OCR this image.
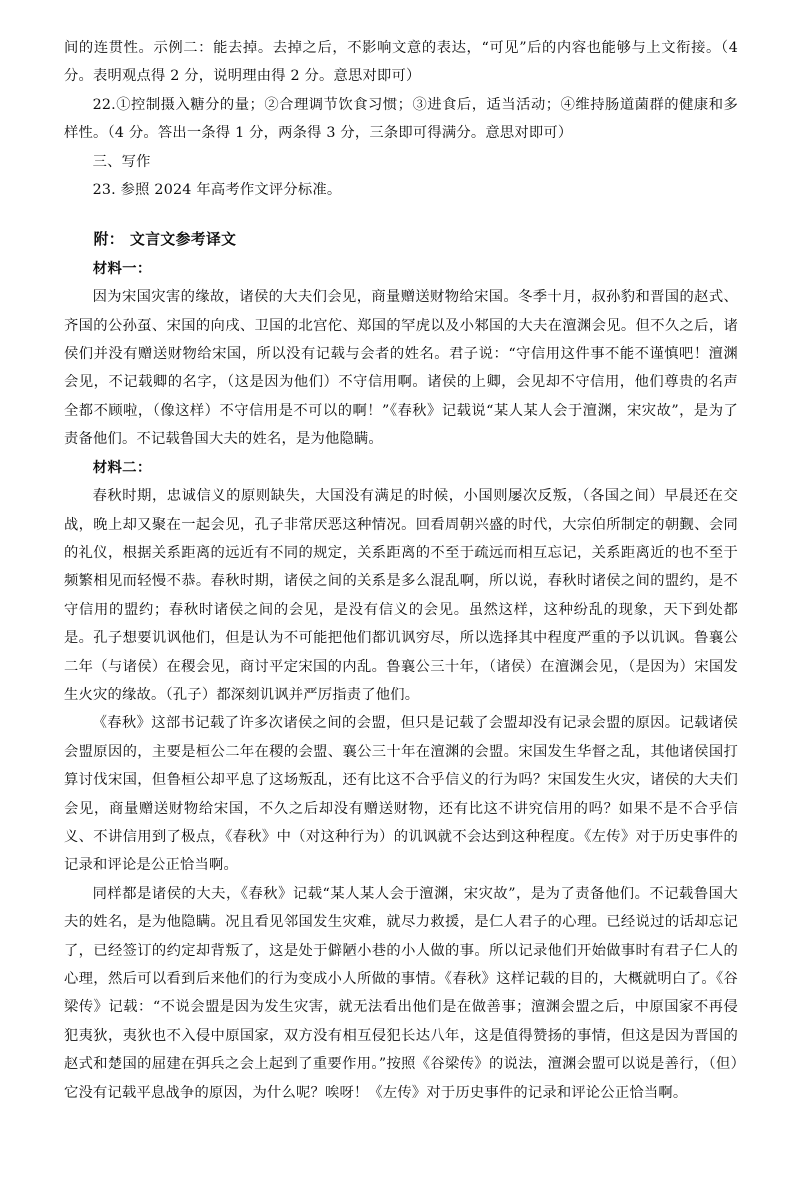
间的连贯性。示例二：能去掉。去掉之后，不影响文意的表达，“可见”后的内容也能够与上文衔接。（4 分。表明观点得 2 分，说明理由得 2 分。意思对即可）

22.①控制摄入糖分的量；②合理调节饮食习惯；③进食后，适当活动；④维持肠道菌群的健康和多样性。（4 分。答出一条得 1 分，两条得 3 分，三条即可得满分。意思对即可）

三、写作

23. 参照 2024 年高考作文评分标准。

附： 文言文参考译文

材料一：

因为宋国灾害的缘故，诸侯的大夫们会见，商量赠送财物给宋国。冬季十月，叔孙豹和晋国的赵式、齐国的公孙虿、宋国的向戌、卫国的北宫佗、郑国的罕虎以及小邾国的大夫在澶渊会见。但不久之后，诸侯们并没有赠送财物给宋国，所以没有记载与会者的姓名。君子说：“守信用这件事不能不谨慎吧！澶渊会见，不记载卿的名字，（这是因为他们）不守信用啊。诸侯的上卿，会见却不守信用，他们尊贵的名声全都不顾啦，（像这样）不守信用是不可以的啊！”《春秋》记载说“某人某人会于澶渊，宋灾故”，是为了责备他们。不记载鲁国大夫的姓名，是为他隐瞒。

材料二：

春秋时期，忠诚信义的原则缺失，大国没有满足的时候，小国则屡次反叛，（各国之间）早晨还在交战，晚上却又聚在一起会见，孔子非常厌恶这种情况。回看周朝兴盛的时代，大宗伯所制定的朝觐、会同的礼仪，根据关系距离的远近有不同的规定，关系距离的不至于疏远而相互忘记，关系距离近的也不至于频繁相见而轻慢不恭。春秋时期，诸侯之间的关系是多么混乱啊，所以说，春秋时诸侯之间的盟约，是不守信用的盟约；春秋时诸侯之间的会见，是没有信义的会见。虽然这样，这种纷乱的现象，天下到处都是。孔子想要讥讽他们，但是认为不可能把他们都讥讽穷尽，所以选择其中程度严重的予以讥讽。鲁襄公二年（与诸侯）在稷会见，商讨平定宋国的内乱。鲁襄公三十年，（诸侯）在澶渊会见，（是因为）宋国发生火灾的缘故。（孔子）都深刻讥讽并严厉指责了他们。

《春秋》这部书记载了许多次诸侯之间的会盟，但只是记载了会盟却没有记录会盟的原因。记载诸侯会盟原因的，主要是桓公二年在稷的会盟、襄公三十年在澶渊的会盟。宋国发生华督之乱，其他诸侯国打算讨伐宋国，但鲁桓公却平息了这场叛乱，还有比这不合乎信义的行为吗？宋国发生火灾，诸侯的大夫们会见，商量赠送财物给宋国，不久之后却没有赠送财物，还有比这不讲究信用的吗？如果不是不合乎信义、不讲信用到了极点，《春秋》中（对这种行为）的讥讽就不会达到这种程度。《左传》对于历史事件的记录和评论是公正恰当啊。

同样都是诸侯的大夫，《春秋》记载“某人某人会于澶渊，宋灾故”，是为了责备他们。不记载鲁国大夫的姓名，是为他隐瞒。况且看见邻国发生灾难，就尽力救援，是仁人君子的心理。已经说过的话却忘记了，已经签订的约定却背叛了，这是处于僻陋小巷的小人做的事。所以记录他们开始做事时有君子仁人的心理，然后可以看到后来他们的行为变成小人所做的事情。《春秋》这样记载的目的，大概就明白了。《谷梁传》记载：“不说会盟是因为发生灾害，就无法看出他们是在做善事；澶渊会盟之后，中原国家不再侵犯夷狄，夷狄也不入侵中原国家，双方没有相互侵犯长达八年，这是值得赞扬的事情，但这是因为晋国的赵式和楚国的屈建在弭兵之会上起到了重要作用。”按照《谷梁传》的说法，澶渊会盟可以说是善行，（但）它没有记载平息战争的原因，为什么呢？唉呀！《左传》对于历史事件的记录和评论公正恰当啊。
